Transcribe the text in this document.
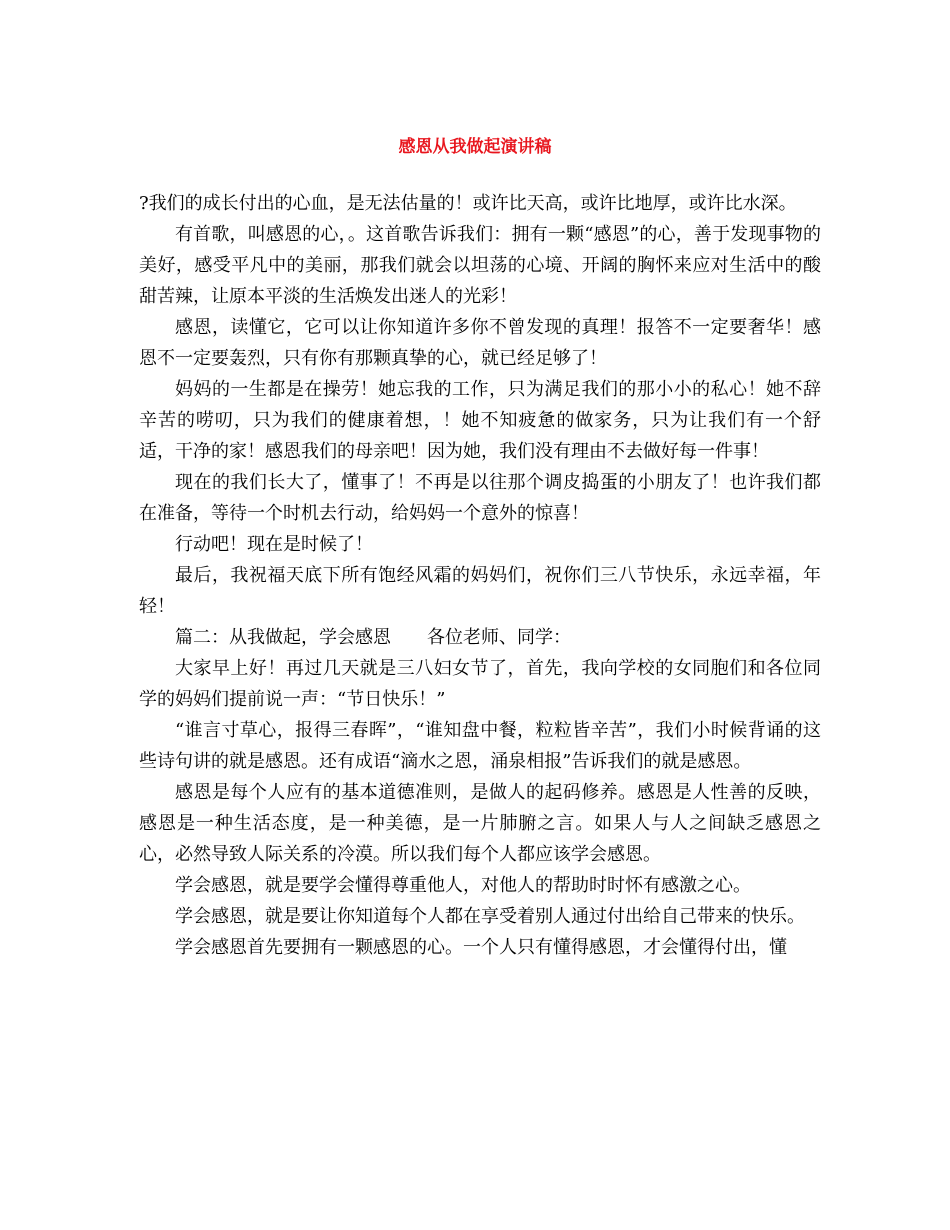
感恩从我做起演讲稿

?我们的成长付出的心血，是无法估量的！或许比天高，或许比地厚，或许比水深。

有首歌，叫感恩的心，。这首歌告诉我们：拥有一颗“感恩”的心，善于发现事物的美好，感受平凡中的美丽，那我们就会以坦荡的心境、开阔的胸怀来应对生活中的酸甜苦辣，让原本平淡的生活焕发出迷人的光彩！

感恩，读懂它，它可以让你知道许多你不曾发现的真理！报答不一定要奢华！感恩不一定要轰烈，只有你有那颗真挚的心，就已经足够了！

妈妈的一生都是在操劳！她忘我的工作，只为满足我们的那小小的私心！她不辞辛苦的唠叨，只为我们的健康着想，！她不知疲惫的做家务，只为让我们有一个舒适，干净的家！感恩我们的母亲吧！因为她，我们没有理由不去做好每一件事！

现在的我们长大了，懂事了！不再是以往那个调皮捣蛋的小朋友了！也许我们都在准备，等待一个时机去行动，给妈妈一个意外的惊喜！

行动吧！现在是时候了！

最后，我祝福天底下所有饱经风霜的妈妈们，祝你们三八节快乐，永远幸福，年轻！

篇二：从我做起，学会感恩　　各位老师、同学：

大家早上好！再过几天就是三八妇女节了，首先，我向学校的女同胞们和各位同学的妈妈们提前说一声：“节日快乐！”

“谁言寸草心，报得三春晖”，“谁知盘中餐，粒粒皆辛苦”，我们小时候背诵的这些诗句讲的就是感恩。还有成语“滴水之恩，涌泉相报”告诉我们的就是感恩。

感恩是每个人应有的基本道德准则，是做人的起码修养。感恩是人性善的反映，感恩是一种生活态度，是一种美德，是一片肺腑之言。如果人与人之间缺乏感恩之心，必然导致人际关系的冷漠。所以我们每个人都应该学会感恩。

学会感恩，就是要学会懂得尊重他人，对他人的帮助时时怀有感激之心。

学会感恩，就是要让你知道每个人都在享受着别人通过付出给自己带来的快乐。

学会感恩首先要拥有一颗感恩的心。一个人只有懂得感恩，才会懂得付出，懂
